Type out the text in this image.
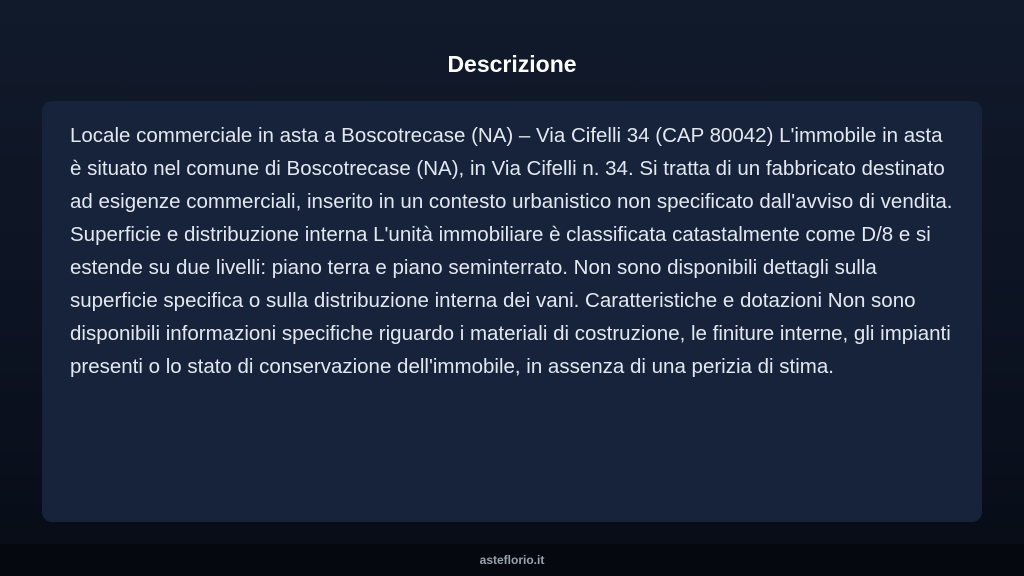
Descrizione

Locale commerciale in asta a Boscotrecase (NA) – Via Cifelli 34 (CAP 80042) L'immobile in asta è situato nel comune di Boscotrecase (NA), in Via Cifelli n. 34. Si tratta di un fabbricato destinato ad esigenze commerciali, inserito in un contesto urbanistico non specificato dall'avviso di vendita. Superficie e distribuzione interna L'unità immobiliare è classificata catastalmente come D/8 e si estende su due livelli: piano terra e piano seminterrato. Non sono disponibili dettagli sulla superficie specifica o sulla distribuzione interna dei vani. Caratteristiche e dotazioni Non sono disponibili informazioni specifiche riguardo i materiali di costruzione, le finiture interne, gli impianti presenti o lo stato di conservazione dell'immobile, in assenza di una perizia di stima.

asteflorio.it
